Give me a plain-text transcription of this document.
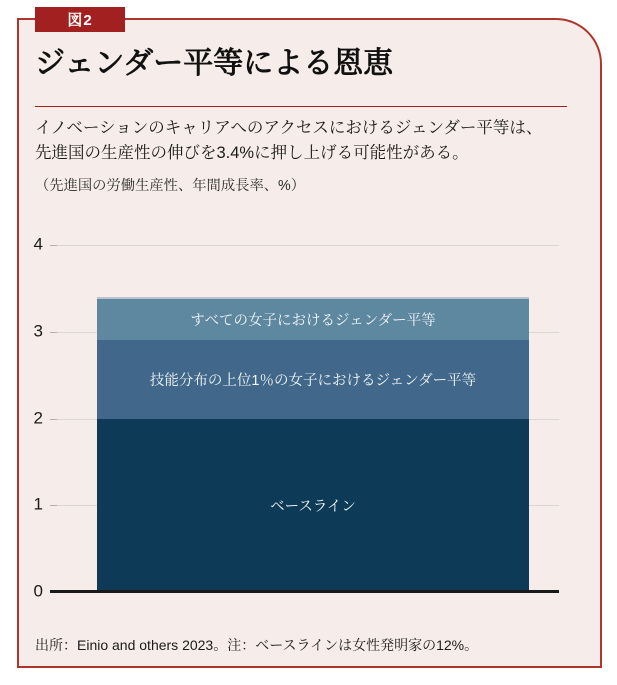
図2
ジェンダー平等による恩恵

イノベーションのキャリアへのアクセスにおけるジェンダー平等は、
先進国の生産性の伸びを3.4%に押し上げる可能性がある。

（先進国の労働生産性、年間成長率、%）

すべての女子におけるジェンダー平等
技能分布の上位1％の女子におけるジェンダー平等
ベースライン
0
1
2
3
4

出所：Einio and others 2023。注：ベースラインは女性発明家の12%。
